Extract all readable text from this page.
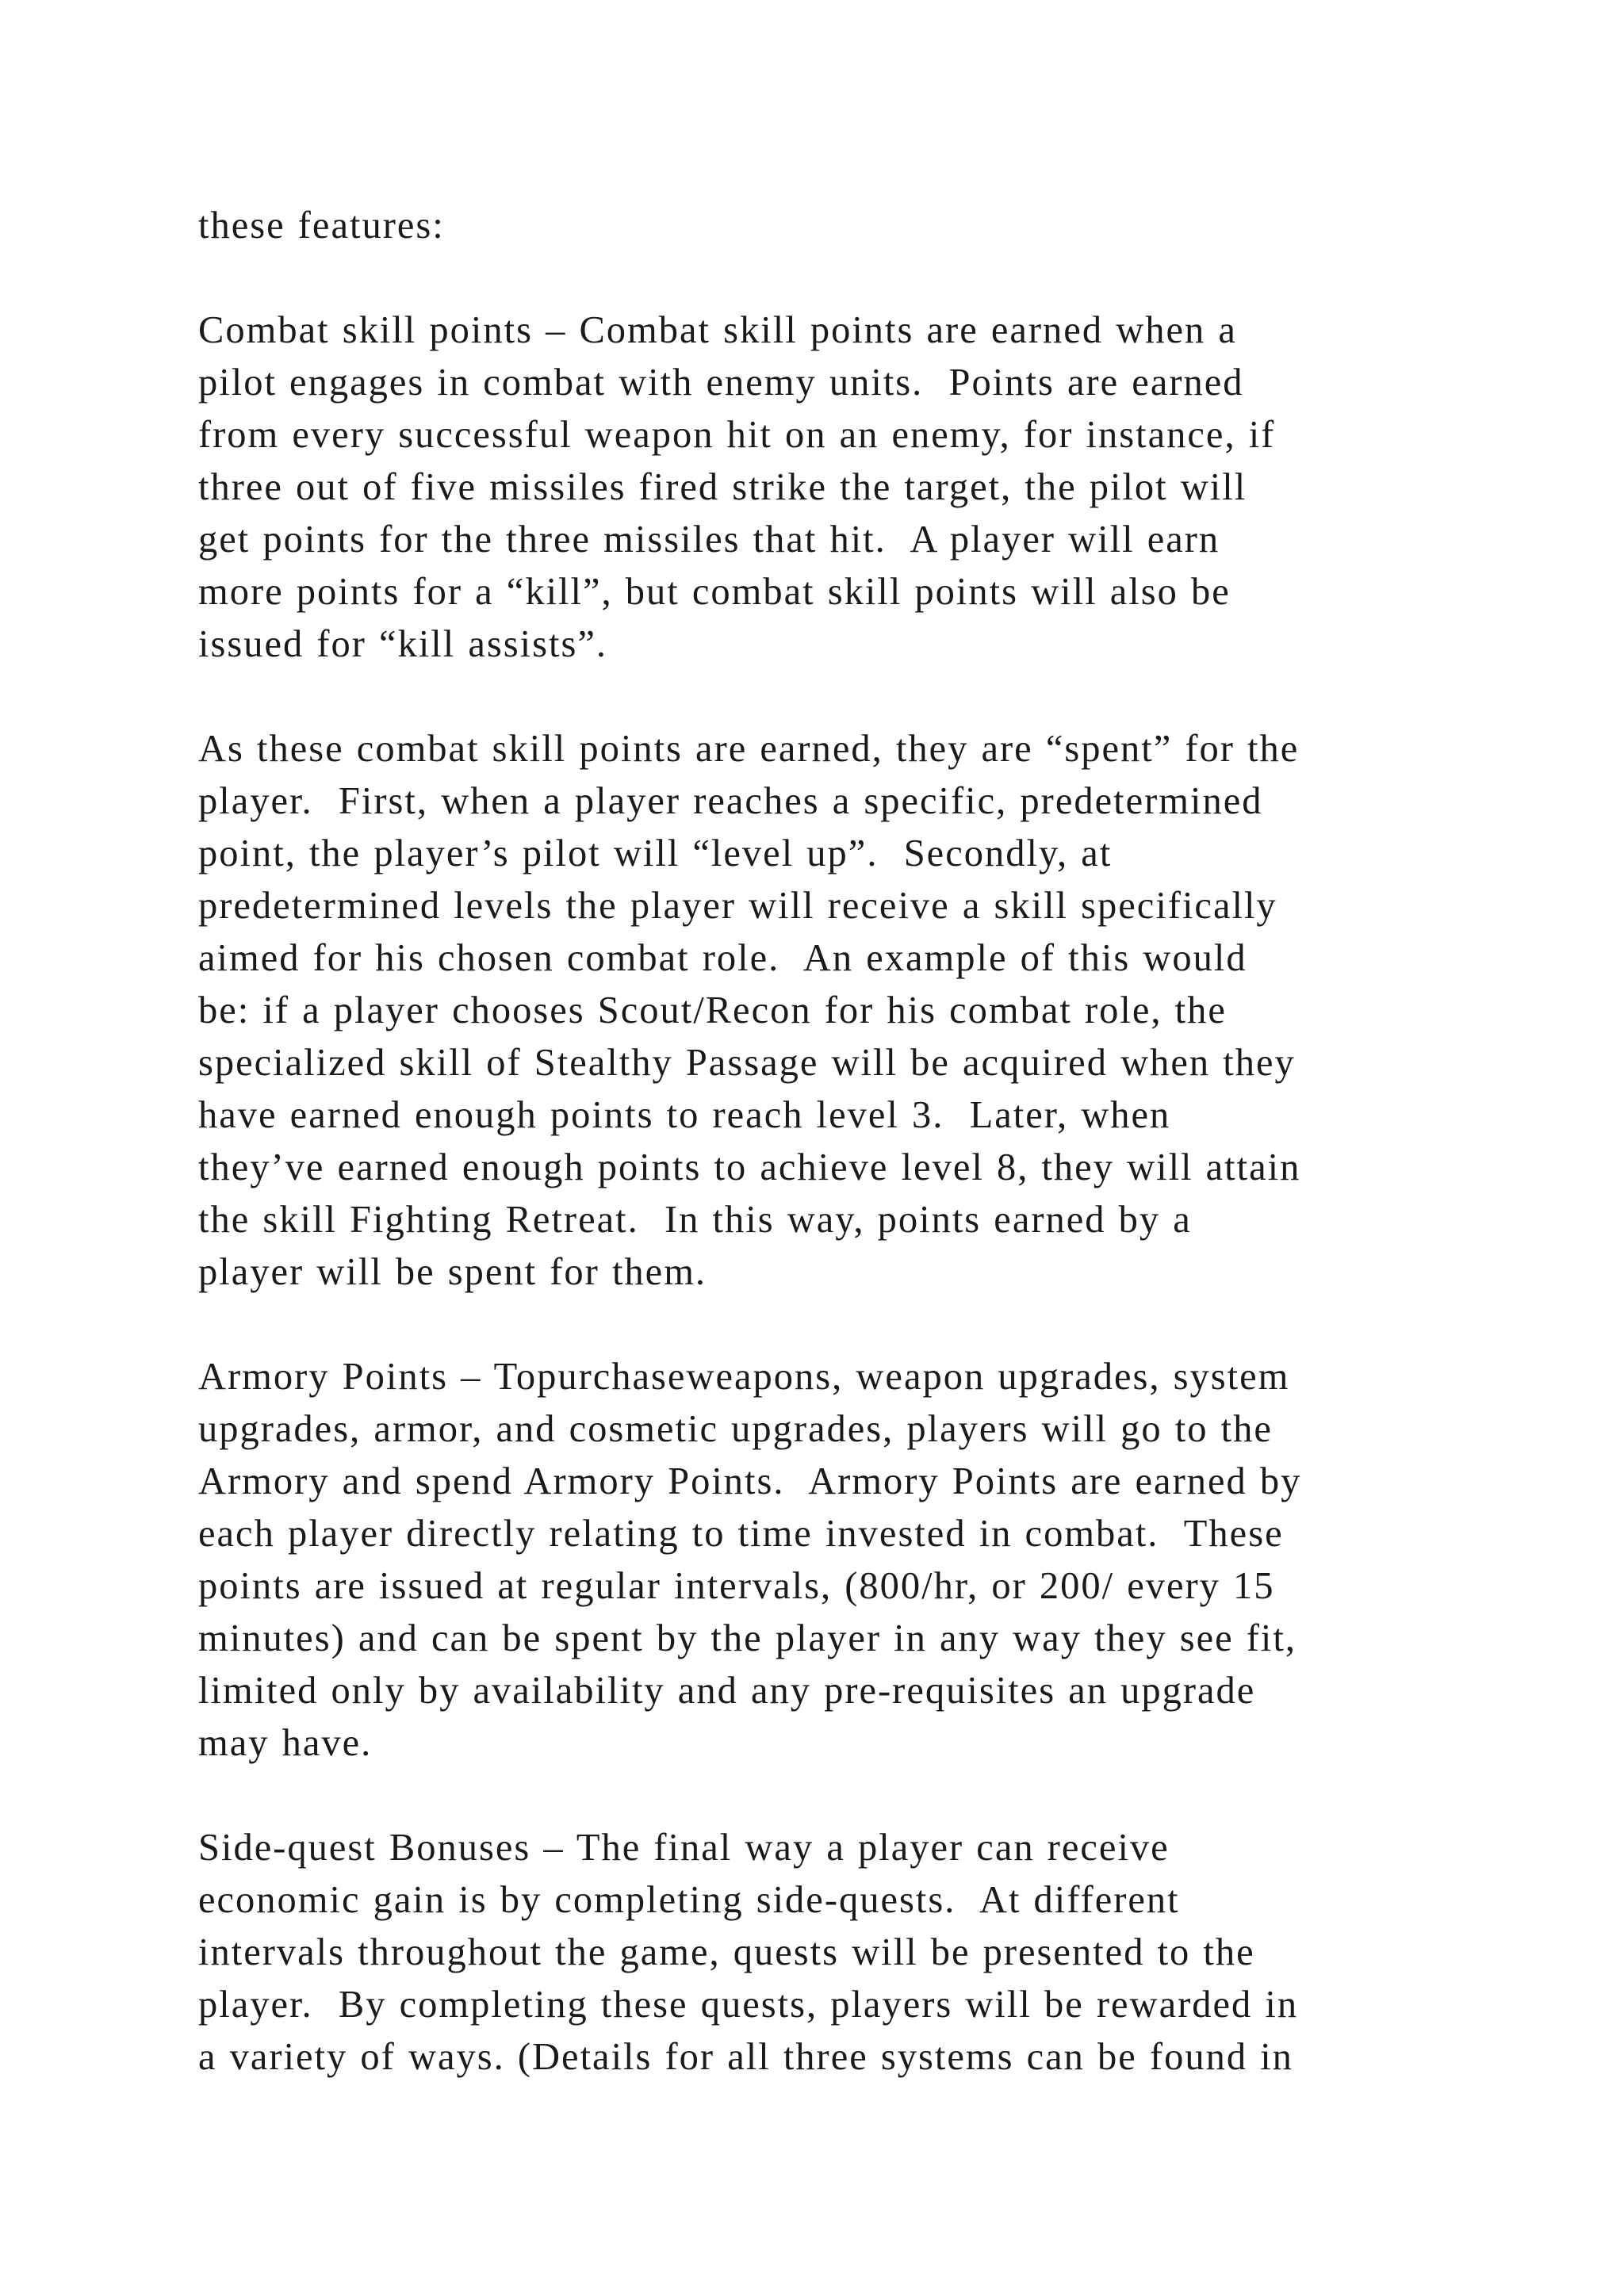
these features:
Combat skill points – Combat skill points are earned when a
pilot engages in combat with enemy units.  Points are earned
from every successful weapon hit on an enemy, for instance, if
three out of five missiles fired strike the target, the pilot will
get points for the three missiles that hit.  A player will earn
more points for a “kill”, but combat skill points will also be
issued for “kill assists”.
As these combat skill points are earned, they are “spent” for the
player.  First, when a player reaches a specific, predetermined
point, the player’s pilot will “level up”.  Secondly, at
predetermined levels the player will receive a skill specifically
aimed for his chosen combat role.  An example of this would
be: if a player chooses Scout/Recon for his combat role, the
specialized skill of Stealthy Passage will be acquired when they
have earned enough points to reach level 3.  Later, when
they’ve earned enough points to achieve level 8, they will attain
the skill Fighting Retreat.  In this way, points earned by a
player will be spent for them.
Armory Points – Topurchaseweapons, weapon upgrades, system
upgrades, armor, and cosmetic upgrades, players will go to the
Armory and spend Armory Points.  Armory Points are earned by
each player directly relating to time invested in combat.  These
points are issued at regular intervals, (800/hr, or 200/ every 15
minutes) and can be spent by the player in any way they see fit,
limited only by availability and any pre-requisites an upgrade
may have.
Side-quest Bonuses – The final way a player can receive
economic gain is by completing side-quests.  At different
intervals throughout the game, quests will be presented to the
player.  By completing these quests, players will be rewarded in
a variety of ways. (Details for all three systems can be found in
